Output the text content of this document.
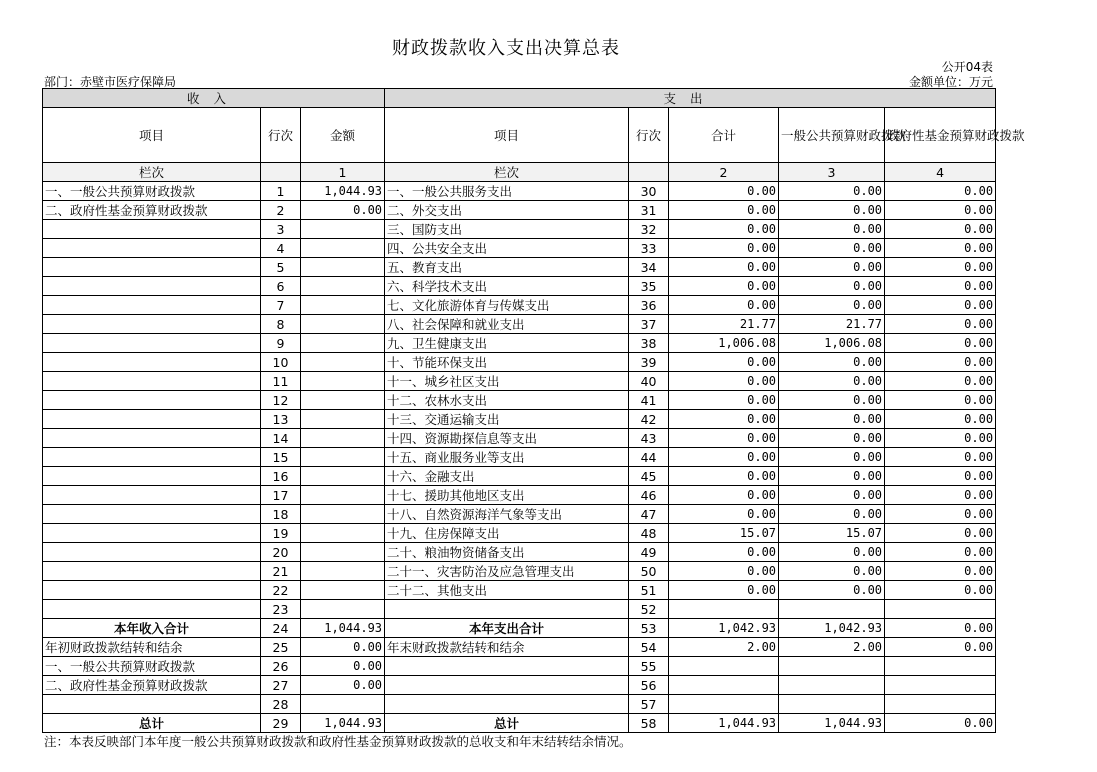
财政拨款收入支出决算总表
公开04表
部门：赤壁市医疗保障局	金额单位：万元
收入			支出				
项目	行次	金额	项目	行次	合计	一般公共预算财政拨款	政府性基金预算财政拨款
栏次		1	栏次		2	3	4
一、一般公共预算财政拨款	1	1,044.93	一、一般公共服务支出	30	0.00	0.00	0.00
二、政府性基金预算财政拨款	2	0.00	二、外交支出	31	0.00	0.00	0.00
	3		三、国防支出	32	0.00	0.00	0.00
	4		四、公共安全支出	33	0.00	0.00	0.00
	5		五、教育支出	34	0.00	0.00	0.00
	6		六、科学技术支出	35	0.00	0.00	0.00
	7		七、文化旅游体育与传媒支出	36	0.00	0.00	0.00
	8		八、社会保障和就业支出	37	21.77	21.77	0.00
	9		九、卫生健康支出	38	1,006.08	1,006.08	0.00
	10		十、节能环保支出	39	0.00	0.00	0.00
	11		十一、城乡社区支出	40	0.00	0.00	0.00
	12		十二、农林水支出	41	0.00	0.00	0.00
	13		十三、交通运输支出	42	0.00	0.00	0.00
	14		十四、资源勘探信息等支出	43	0.00	0.00	0.00
	15		十五、商业服务业等支出	44	0.00	0.00	0.00
	16		十六、金融支出	45	0.00	0.00	0.00
	17		十七、援助其他地区支出	46	0.00	0.00	0.00
	18		十八、自然资源海洋气象等支出	47	0.00	0.00	0.00
	19		十九、住房保障支出	48	15.07	15.07	0.00
	20		二十、粮油物资储备支出	49	0.00	0.00	0.00
	21		二十一、灾害防治及应急管理支出	50	0.00	0.00	0.00
	22		二十二、其他支出	51	0.00	0.00	0.00
	23			52			
本年收入合计	24	1,044.93	本年支出合计	53	1,042.93	1,042.93	0.00
年初财政拨款结转和结余	25	0.00	年末财政拨款结转和结余	54	2.00	2.00	0.00
一、一般公共预算财政拨款	26	0.00		55			
二、政府性基金预算财政拨款	27	0.00		56			
	28			57			
总计	29	1,044.93	总计	58	1,044.93	1,044.93	0.00
注：本表反映部门本年度一般公共预算财政拨款和政府性基金预算财政拨款的总收支和年末结转结余情况。
